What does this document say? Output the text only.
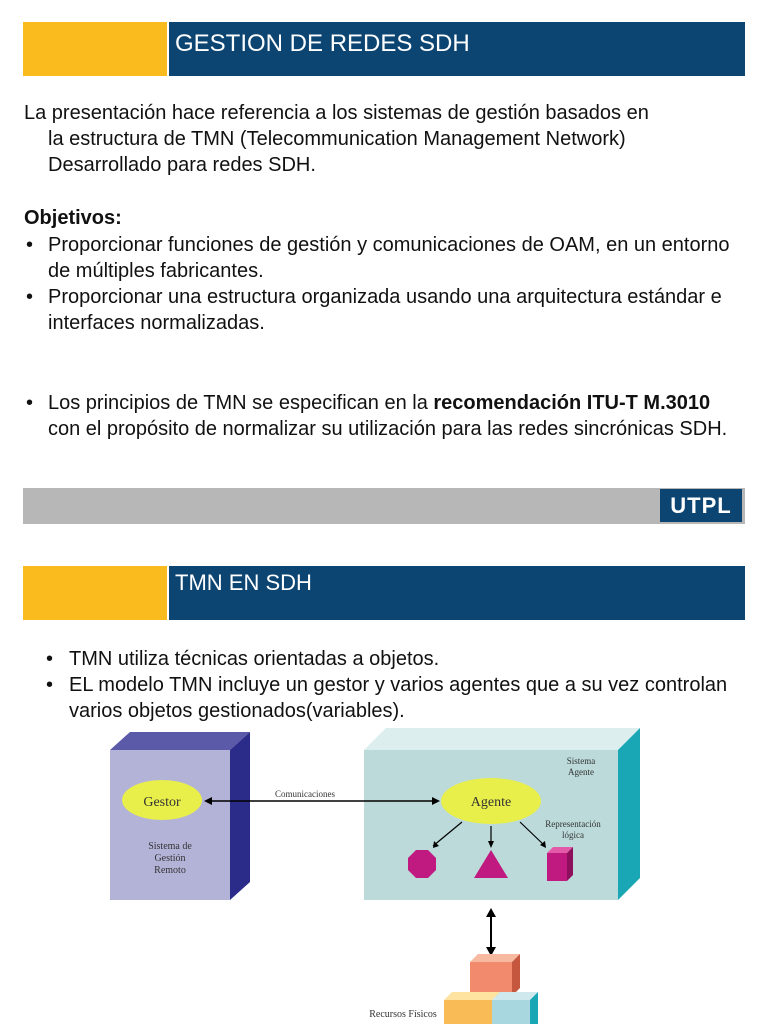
GESTION DE REDES SDH
La presentación hace referencia a los sistemas de gestión basados en
la estructura de TMN (Telecommunication Management Network)
Desarrollado para redes SDH.
Objetivos:
• Proporcionar funciones de gestión y comunicaciones de OAM, en un entorno de múltiples fabricantes.
• Proporcionar una estructura organizada usando una arquitectura estándar e interfaces normalizadas.
• Los principios de TMN se especifican en la recomendación ITU-T M.3010 con el propósito de normalizar su utilización para las redes sincrónicas SDH.
UTPL
TMN EN SDH
• TMN utiliza técnicas orientadas a objetos.
• EL modelo TMN incluye un gestor y varios agentes que a su vez controlan varios objetos gestionados(variables).
Gestor
Sistema de
Gestión
Remoto
Sistema
Agente
Comunicaciones
Agente
Representación
lógica
Recursos Físicos
